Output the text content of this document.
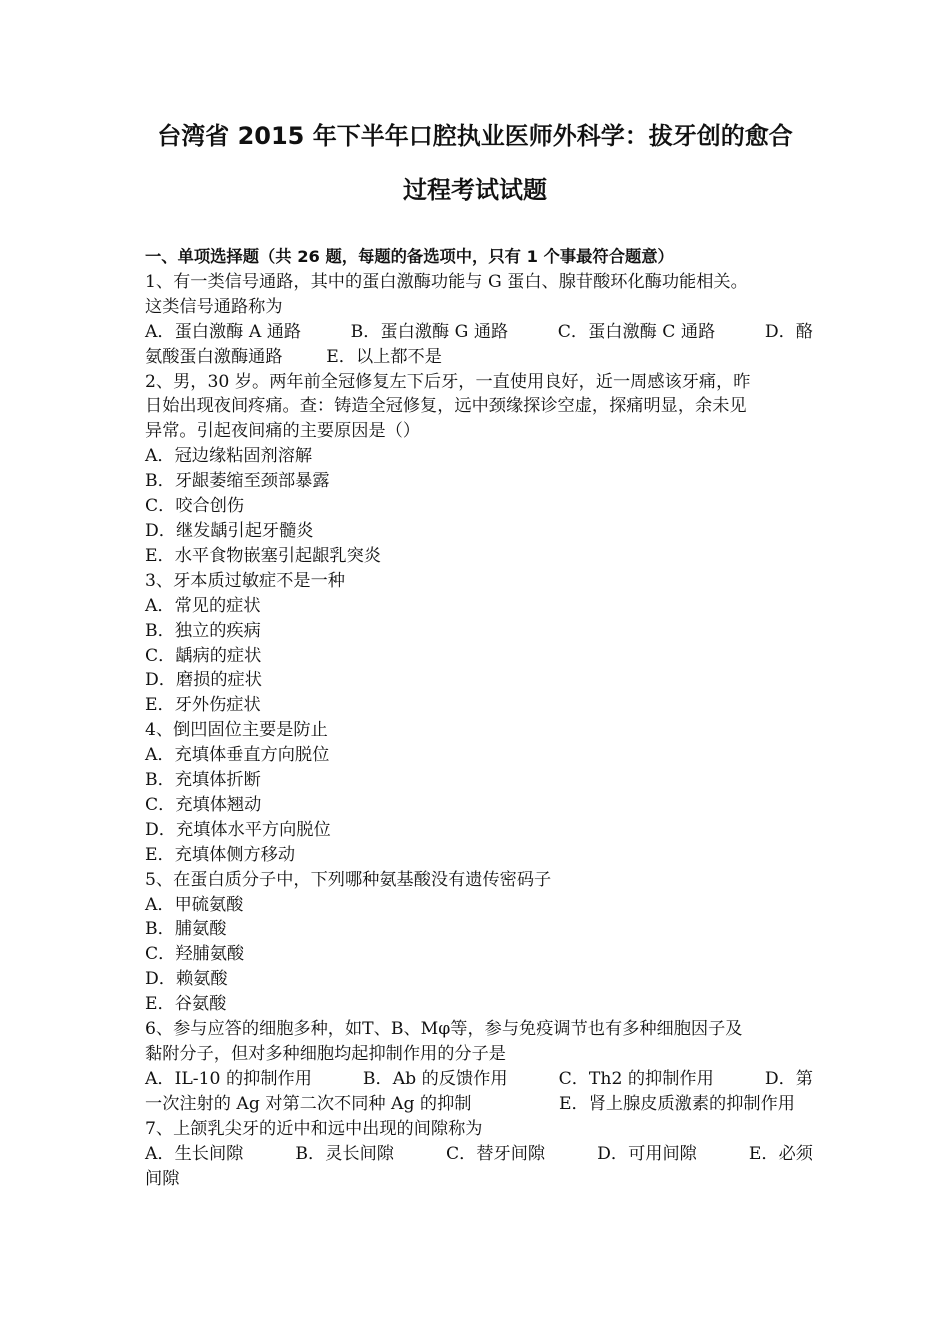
台湾省 2015 年下半年口腔执业医师外科学：拔牙创的愈合
过程考试试题
一、单项选择题（共 26 题，每题的备选项中，只有 1 个事最符合题意）
1、有一类信号通路，其中的蛋白激酶功能与 G 蛋白、腺苷酸环化酶功能相关。
这类信号通路称为
A．蛋白激酶 A 通路	B．蛋白激酶 G 通路	C．蛋白激酶 C 通路	D．酪
氨酸蛋白激酶通路        E．以上都不是
2、男，30 岁。两年前全冠修复左下后牙，一直使用良好，近一周感该牙痛，昨
日始出现夜间疼痛。查：铸造全冠修复，远中颈缘探诊空虚，探痛明显，余未见
异常。引起夜间痛的主要原因是（）
A．冠边缘粘固剂溶解
B．牙龈萎缩至颈部暴露
C．咬合创伤
D．继发龋引起牙髓炎
E．水平食物嵌塞引起龈乳突炎
3、牙本质过敏症不是一种
A．常见的症状
B．独立的疾病
C．龋病的症状
D．磨损的症状
E．牙外伤症状
4、倒凹固位主要是防止
A．充填体垂直方向脱位
B．充填体折断
C．充填体翘动
D．充填体水平方向脱位
E．充填体侧方移动
5、在蛋白质分子中，下列哪种氨基酸没有遗传密码子
A．甲硫氨酸
B．脯氨酸
C．羟脯氨酸
D．赖氨酸
E．谷氨酸
6、参与应答的细胞多种，如T、B、Mφ等，参与免疫调节也有多种细胞因子及
黏附分子，但对多种细胞均起抑制作用的分子是
A．IL-10 的抑制作用	B．Ab 的反馈作用	C．Th2 的抑制作用	D．第
一次注射的 Ag 对第二次不同种 Ag 的抑制	E．肾上腺皮质激素的抑制作用
7、上颌乳尖牙的近中和远中出现的间隙称为
A．生长间隙	B．灵长间隙	C．替牙间隙	D．可用间隙	E．必须
间隙
